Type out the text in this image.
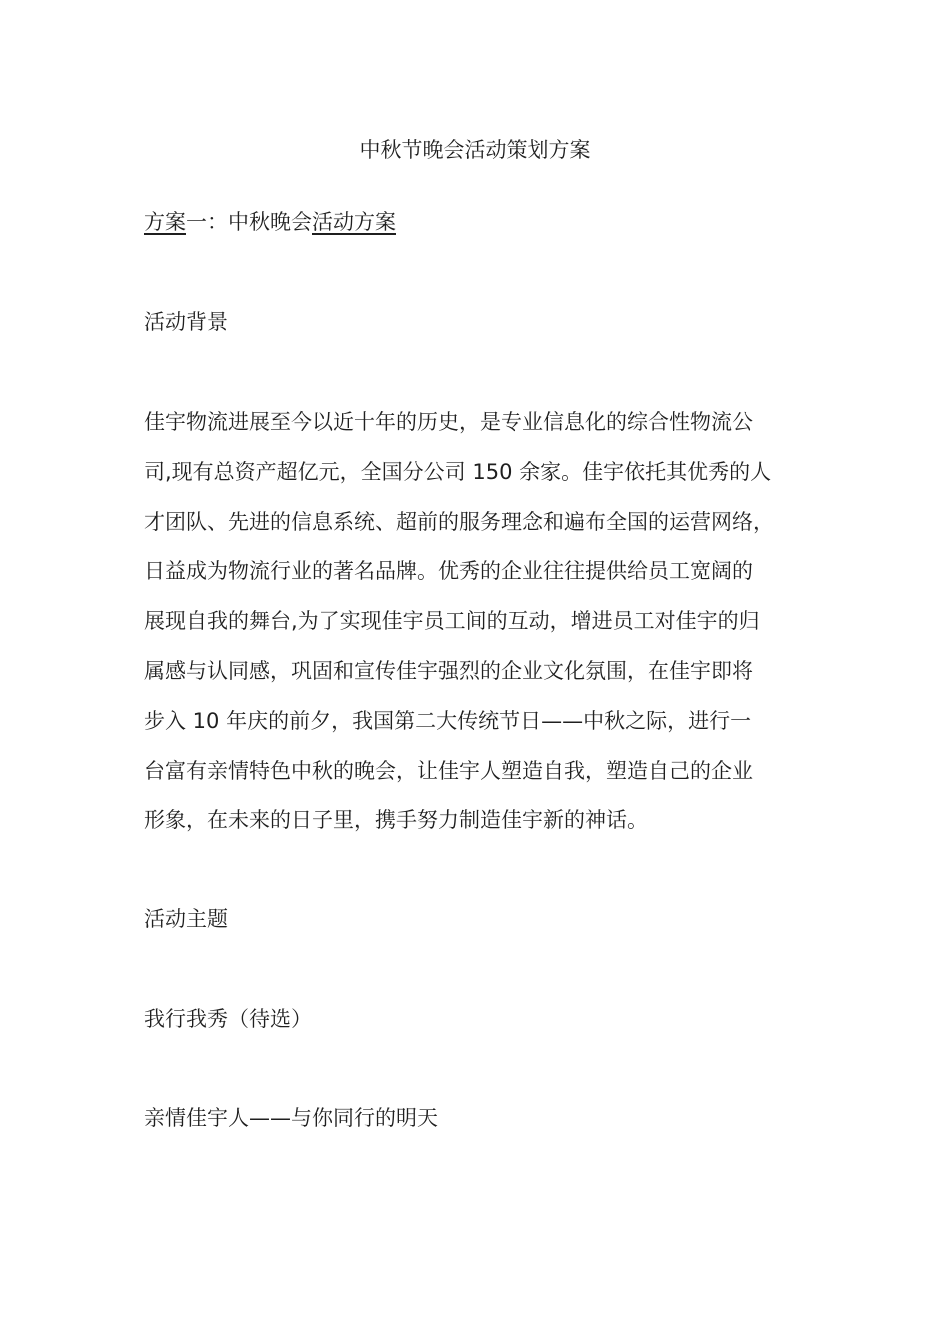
中秋节晚会活动策划方案
方案一：中秋晚会活动方案
活动背景
佳宇物流进展至今以近十年的历史，是专业信息化的综合性物流公
司,现有总资产超亿元，全国分公司 150 余家。佳宇依托其优秀的人
才团队、先进的信息系统、超前的服务理念和遍布全国的运营网络，
日益成为物流行业的著名品牌。优秀的企业往往提供给员工宽阔的
展现自我的舞台,为了实现佳宇员工间的互动，增进员工对佳宇的归
属感与认同感，巩固和宣传佳宇强烈的企业文化氛围，在佳宇即将
步入 10 年庆的前夕，我国第二大传统节日——中秋之际，进行一
台富有亲情特色中秋的晚会，让佳宇人塑造自我，塑造自己的企业
形象，在未来的日子里，携手努力制造佳宇新的神话。
活动主题
我行我秀（待选）
亲情佳宇人——与你同行的明天
